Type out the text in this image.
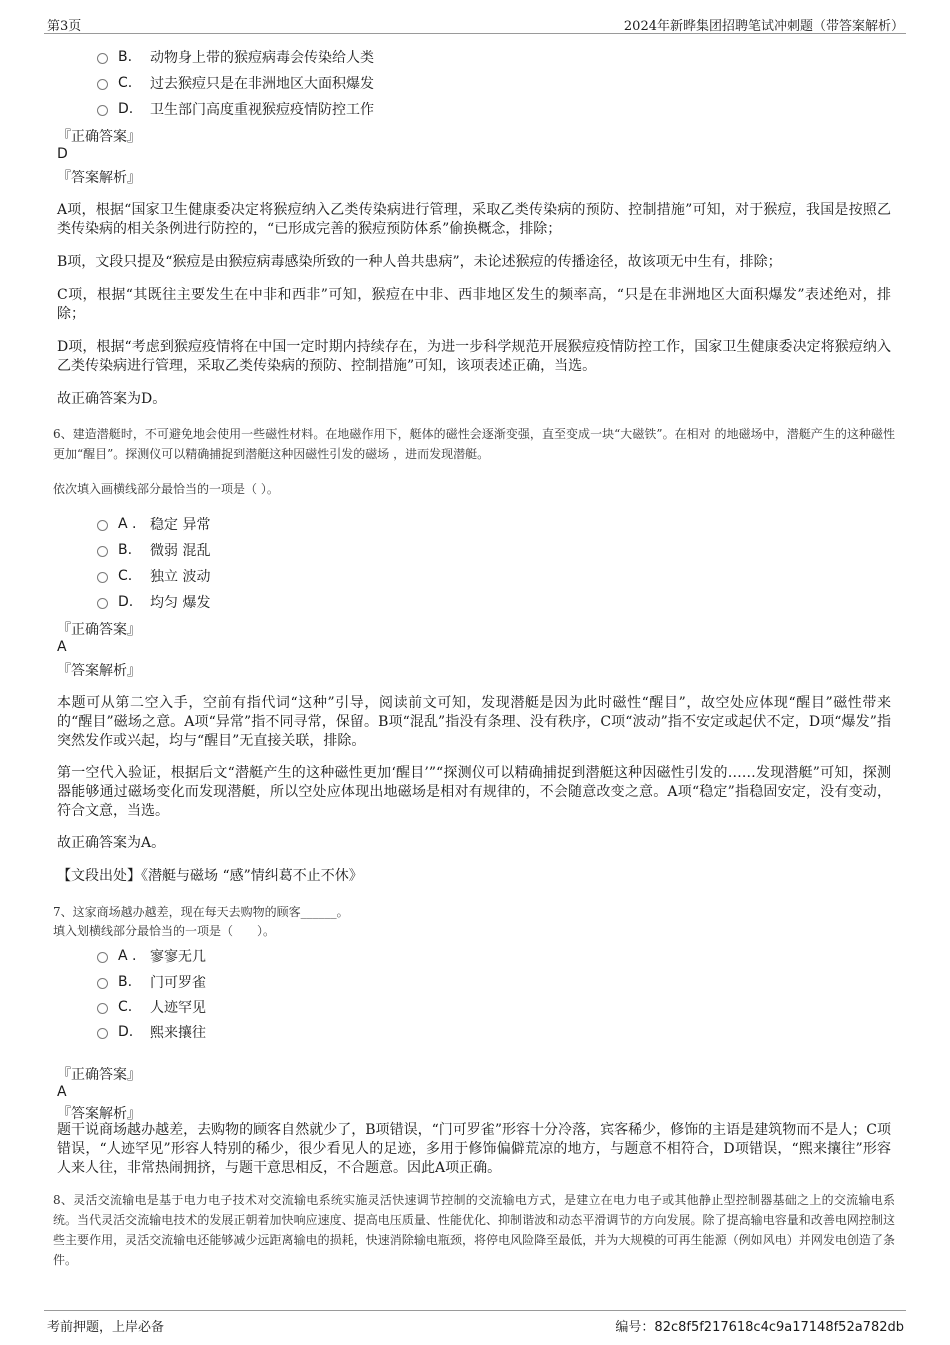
第3页	2024年新晔集团招聘笔试冲刺题（带答案解析）
B.	动物身上带的猴痘病毒会传染给人类
C.	过去猴痘只是在非洲地区大面积爆发
D.	卫生部门高度重视猴痘疫情防控工作
『正确答案』
D
『答案解析』
A项，根据“国家卫生健康委决定将猴痘纳入乙类传染病进行管理，采取乙类传染病的预防、控制措施”可知，对于猴痘，我国是按照乙类传染病的相关条例进行防控的，“已形成完善的猴痘预防体系”偷换概念，排除；
B项，文段只提及“猴痘是由猴痘病毒感染所致的一种人兽共患病”，未论述猴痘的传播途径，故该项无中生有，排除；
C项，根据“其既往主要发生在中非和西非”可知，猴痘在中非、西非地区发生的频率高，“只是在非洲地区大面积爆发”表述绝对，排除；
D项，根据“考虑到猴痘疫情将在中国一定时期内持续存在，为进一步科学规范开展猴痘疫情防控工作，国家卫生健康委决定将猴痘纳入乙类传染病进行管理，采取乙类传染病的预防、控制措施”可知，该项表述正确，当选。
故正确答案为D。
6、建造潜艇时，不可避免地会使用一些磁性材料。在地磁作用下，艇体的磁性会逐渐变强，直至变成一块“大磁铁”。在相对 的地磁场中，潜艇产生的这种磁性更加“醒目”。探测仪可以精确捕捉到潜艇这种因磁性引发的磁场 ，进而发现潜艇。
依次填入画横线部分最恰当的一项是（ ）。
A . 稳定 异常
B.	微弱 混乱
C.	独立 波动
D.	均匀 爆发
『正确答案』
A
『答案解析』
本题可从第二空入手，空前有指代词“这种”引导，阅读前文可知，发现潜艇是因为此时磁性“醒目”，故空处应体现“醒目”磁性带来的“醒目”磁场之意。A项“异常”指不同寻常，保留。B项“混乱”指没有条理、没有秩序，C项“波动”指不安定或起伏不定，D项“爆发”指突然发作或兴起，均与“醒目”无直接关联，排除。
第一空代入验证，根据后文“潜艇产生的这种磁性更加‘醒目’”“探测仪可以精确捕捉到潜艇这种因磁性引发的……发现潜艇”可知，探测器能够通过磁场变化而发现潜艇，所以空处应体现出地磁场是相对有规律的，不会随意改变之意。A项“稳定”指稳固安定，没有变动，符合文意，当选。
故正确答案为A。
【文段出处】《潜艇与磁场 “感”情纠葛不止不休》
7、这家商场越办越差，现在每天去购物的顾客______。
填入划横线部分最恰当的一项是（　　）。
A . 寥寥无几
B.	门可罗雀
C.	人迹罕见
D.	熙来攘往
『正确答案』
A
『答案解析』
题干说商场越办越差，去购物的顾客自然就少了，B项错误，“门可罗雀”形容十分冷落，宾客稀少，修饰的主语是建筑物而不是人；C项错误，“人迹罕见”形容人特别的稀少，很少看见人的足迹，多用于修饰偏僻荒凉的地方，与题意不相符合，D项错误，“熙来攘往”形容人来人往，非常热闹拥挤，与题干意思相反，不合题意。因此A项正确。
8、灵活交流输电是基于电力电子技术对交流输电系统实施灵活快速调节控制的交流输电方式，是建立在电力电子或其他静止型控制器基础之上的交流输电系统。当代灵活交流输电技术的发展正朝着加快响应速度、提高电压质量、性能优化、抑制谐波和动态平滑调节的方向发展。除了提高输电容量和改善电网控制这些主要作用，灵活交流输电还能够减少远距离输电的损耗，快速消除输电瓶颈，将停电风险降至最低，并为大规模的可再生能源（例如风电）并网发电创造了条件。
考前押题，上岸必备	编号：82c8f5f217618c4c9a17148f52a782db
